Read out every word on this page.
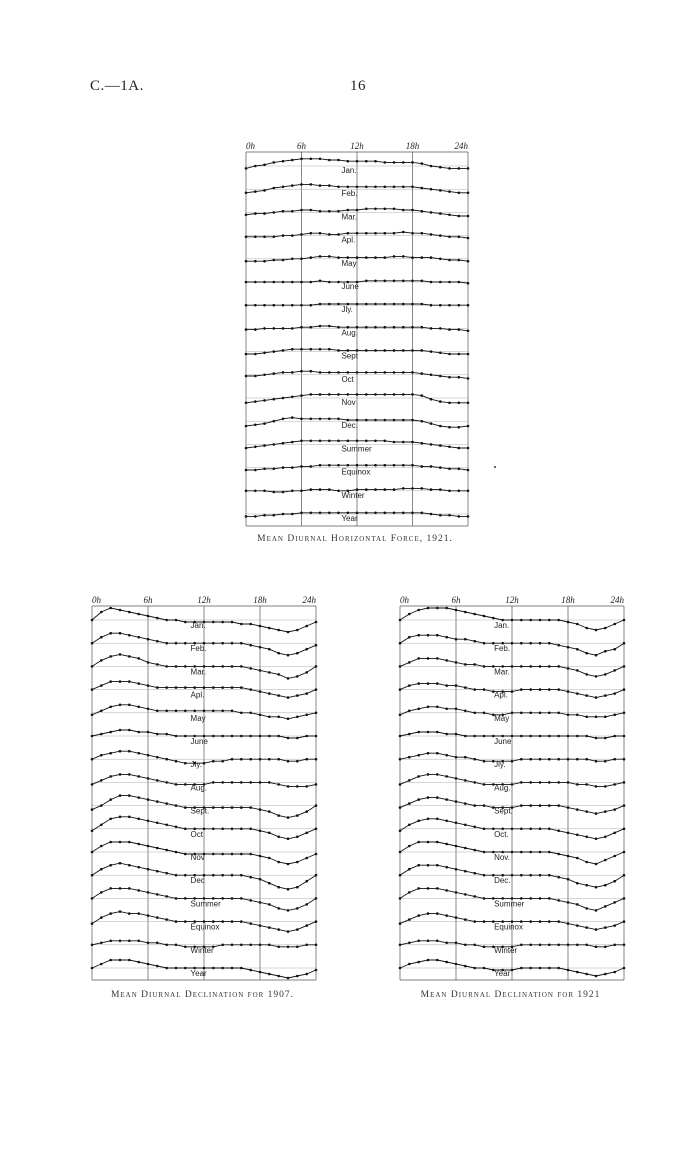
C.—1A.	16
0h	6h	12h	18h	24h
Jan.
Feb.
Mar.
Apl.
May
June
Jly.
Aug.
Sept
Oct
Nov
Dec.
Summer
Equinox
Winter
Year
Mean Diurnal Horizontal Force, 1921.
0h	6h	12h	18h	24h
Jan.
Feb.
Mar.
Apl.
May
June
Jly.
Aug.
Sept.
Oct
Nov
Dec
Summer
Equinox
Winter
Year
Mean Diurnal Declination for 1907.
0h	6h	12h	18h	24h
Jan.
Feb.
Mar.
Apl.
May
June
Jly.
Aug.
Sept.
Oct.
Nov.
Dec.
Summer
Equinox
Winter
Year
Mean Diurnal Declination for 1921
